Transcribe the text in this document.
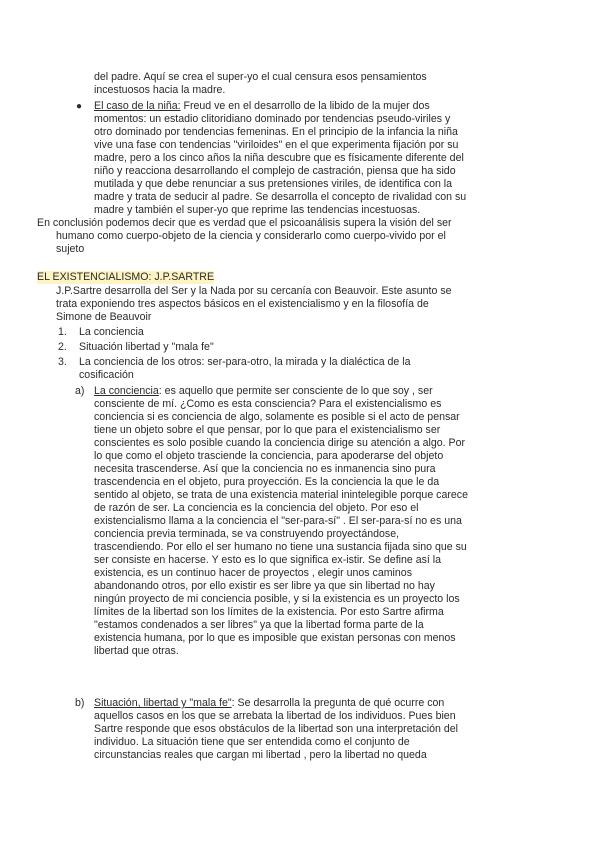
del padre. Aquí se crea el super-yo el cual censura esos pensamientos
incestuosos hacia la madre.
● El caso de la niña: Freud ve en el desarrollo de la libido de la mujer dos
momentos: un estadio clitoridiano dominado por tendencias pseudo-viriles y
otro dominado por tendencias femeninas. En el principio de la infancia la niña
vive una fase con tendencias "viriloides" en el que experimenta fijación por su
madre, pero a los cinco años la niña descubre que es físicamente diferente del
niño y reacciona desarrollando el complejo de castración, piensa que ha sido
mutilada y que debe renunciar a sus pretensiones viriles, de identifica con la
madre y trata de seducir al padre. Se desarrolla el concepto de rivalidad con su
madre y también el super-yo que reprime las tendencias incestuosas.
En conclusión podemos decir que es verdad que el psicoanálisis supera la visión del ser
humano como cuerpo-objeto de la ciencia y considerarlo como cuerpo-vivido por el
sujeto
EL EXISTENCIALISMO: J.P.SARTRE
J.P.Sartre desarrolla del Ser y la Nada por su cercanía con Beauvoir. Este asunto se
trata exponiendo tres aspectos básicos en el existencialismo y en la filosofía de
Simone de Beauvoir
1. La conciencia
2. Situación libertad y "mala fe"
3. La conciencia de los otros: ser-para-otro, la mirada y la dialéctica de la
cosificación
a) La conciencia: es aquello que permite ser consciente de lo que soy , ser
consciente de mí. ¿Como es esta consciencia? Para el existencialismo es
conciencia si es conciencia de algo, solamente es posible si el acto de pensar
tiene un objeto sobre el que pensar, por lo que para el existencialismo ser
conscientes es solo posible cuando la conciencia dirige su atención a algo. Por
lo que como el objeto trasciende la conciencia, para apoderarse del objeto
necesita trascenderse. Así que la conciencia no es inmanencia sino pura
trascendencia en el objeto, pura proyección. Es la conciencia la que le da
sentido al objeto, se trata de una existencia material inintelegible porque carece
de razón de ser. La conciencia es la conciencia del objeto. Por eso el
existencialismo llama a la conciencia el "ser-para-sí" . El ser-para-sí no es una
conciencia previa terminada, se va construyendo proyectándose,
trascendiendo. Por ello el ser humano no tiene una sustancia fijada sino que su
ser consiste en hacerse. Y esto es lo que significa ex-istir. Se define así la
existencia, es un continuo hacer de proyectos , elegir unos caminos
abandonando otros, por ello existir es ser libre ya que sin libertad no hay
ningún proyecto de mi conciencia posible, y si la existencia es un proyecto los
límites de la libertad son los límites de la existencia. Por esto Sartre afirma
"estamos condenados a ser libres" ya que la libertad forma parte de la
existencia humana, por lo que es imposible que existan personas con menos
libertad que otras.
b) Situación, libertad y "mala fe": Se desarrolla la pregunta de qué ocurre con
aquellos casos en los que se arrebata la libertad de los individuos. Pues bien
Sartre responde que esos obstáculos de la libertad son una interpretación del
individuo. La situación tiene que ser entendida como el conjunto de
circunstancias reales que cargan mi libertad , pero la libertad no queda
